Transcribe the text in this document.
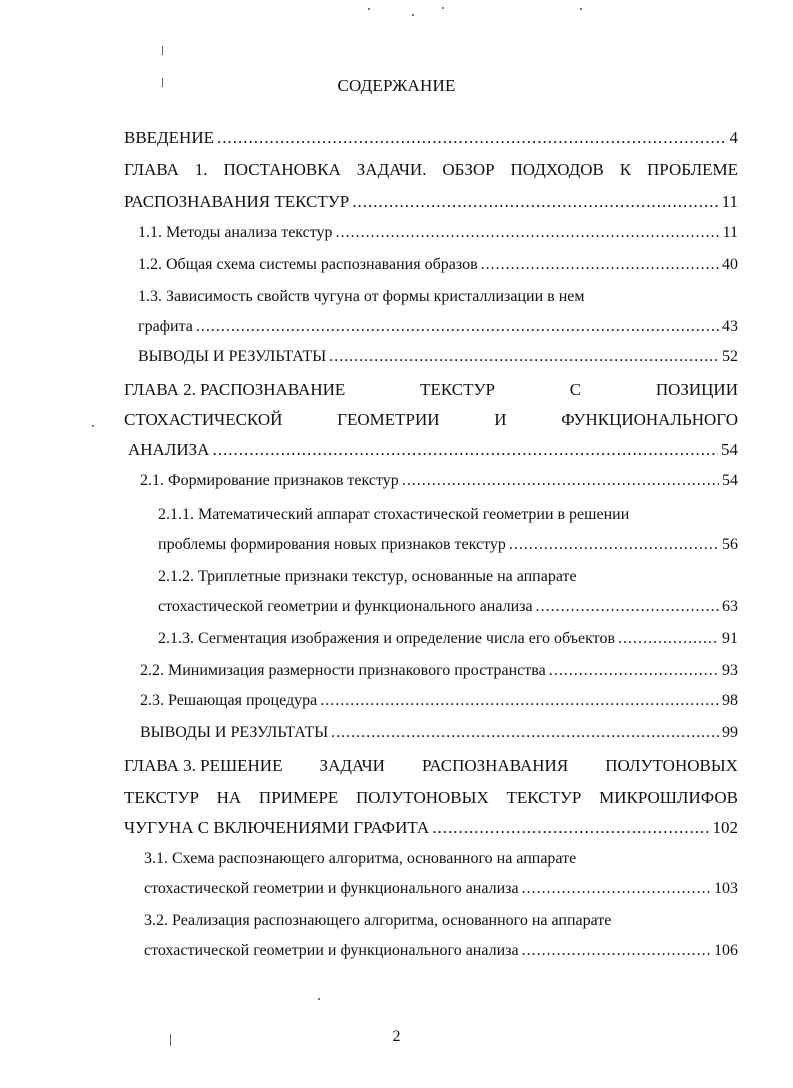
СОДЕРЖАНИЕ
ВВЕДЕНИЕ .....	4
ГЛАВА 1. ПОСТАНОВКА ЗАДАЧИ. ОБЗОР ПОДХОДОВ К ПРОБЛЕМЕ
РАСПОЗНАВАНИЯ ТЕКСТУР .....	11
1.1. Методы анализа текстур .....	11
1.2. Общая схема системы распознавания образов .....	40
1.3. Зависимость свойств чугуна от формы кристаллизации в нем
графита .....	43
ВЫВОДЫ И РЕЗУЛЬТАТЫ .....	52
ГЛАВА 2. РАСПОЗНАВАНИЕ	ТЕКСТУР	С	ПОЗИЦИИ
СТОХАСТИЧЕСКОЙ	ГЕОМЕТРИИ	И	ФУНКЦИОНАЛЬНОГО
АНАЛИЗА .....	54
2.1. Формирование признаков текстур .....	54
2.1.1. Математический аппарат стохастической геометрии в решении
проблемы формирования новых признаков текстур .....	56
2.1.2. Триплетные признаки текстур, основанные на аппарате
стохастической геометрии и функционального анализа .....	63
2.1.3. Сегментация изображения и определение числа его объектов .....	91
2.2. Минимизация размерности признакового пространства .....	93
2.3. Решающая процедура .....	98
ВЫВОДЫ И РЕЗУЛЬТАТЫ .....	99
ГЛАВА 3. РЕШЕНИЕ ЗАДАЧИ РАСПОЗНАВАНИЯ ПОЛУТОНОВЫХ
ТЕКСТУР НА ПРИМЕРЕ ПОЛУТОНОВЫХ ТЕКСТУР МИКРОШЛИФОВ
ЧУГУНА С ВКЛЮЧЕНИЯМИ ГРАФИТА .....	102
3.1. Схема распознающего алгоритма, основанного на аппарате
стохастической геометрии и функционального анализа .....	103
3.2. Реализация распознающего алгоритма, основанного на аппарате
стохастической геометрии и функционального анализа .....	106
2
